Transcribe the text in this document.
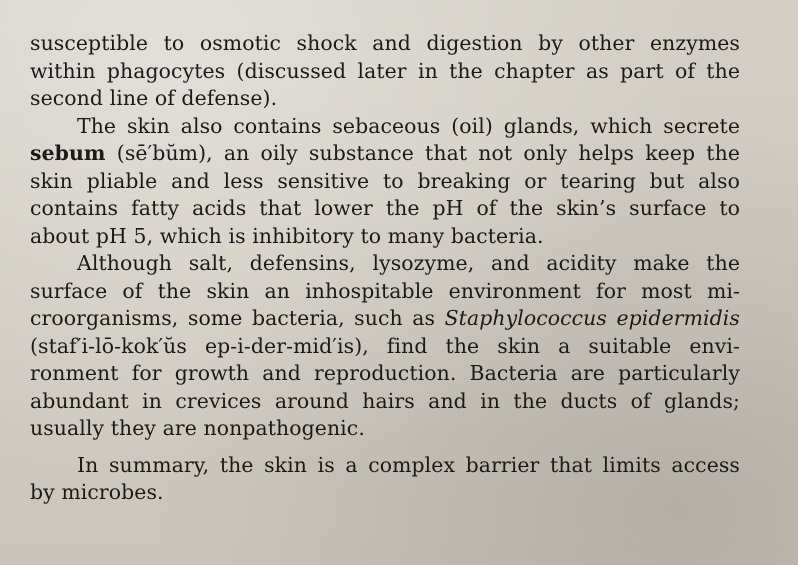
susceptible to osmotic shock and digestion by other enzymes
within phagocytes (discussed later in the chapter as part of the
second line of defense).
The skin also contains sebaceous (oil) glands, which secrete
sebum (sē′bŭm), an oily substance that not only helps keep the
skin pliable and less sensitive to breaking or tearing but also
contains fatty acids that lower the pH of the skin’s surface to
about pH 5, which is inhibitory to many bacteria.
Although salt, defensins, lysozyme, and acidity make the
surface of the skin an inhospitable environment for most mi-
croorganisms, some bacteria, such as Staphylococcus epidermidis
(staf′i-lō-kok′ŭs ep-i-der-mid′is), find the skin a suitable envi-
ronment for growth and reproduction. Bacteria are particularly
abundant in crevices around hairs and in the ducts of glands;
usually they are nonpathogenic.
In summary, the skin is a complex barrier that limits access
by microbes.
